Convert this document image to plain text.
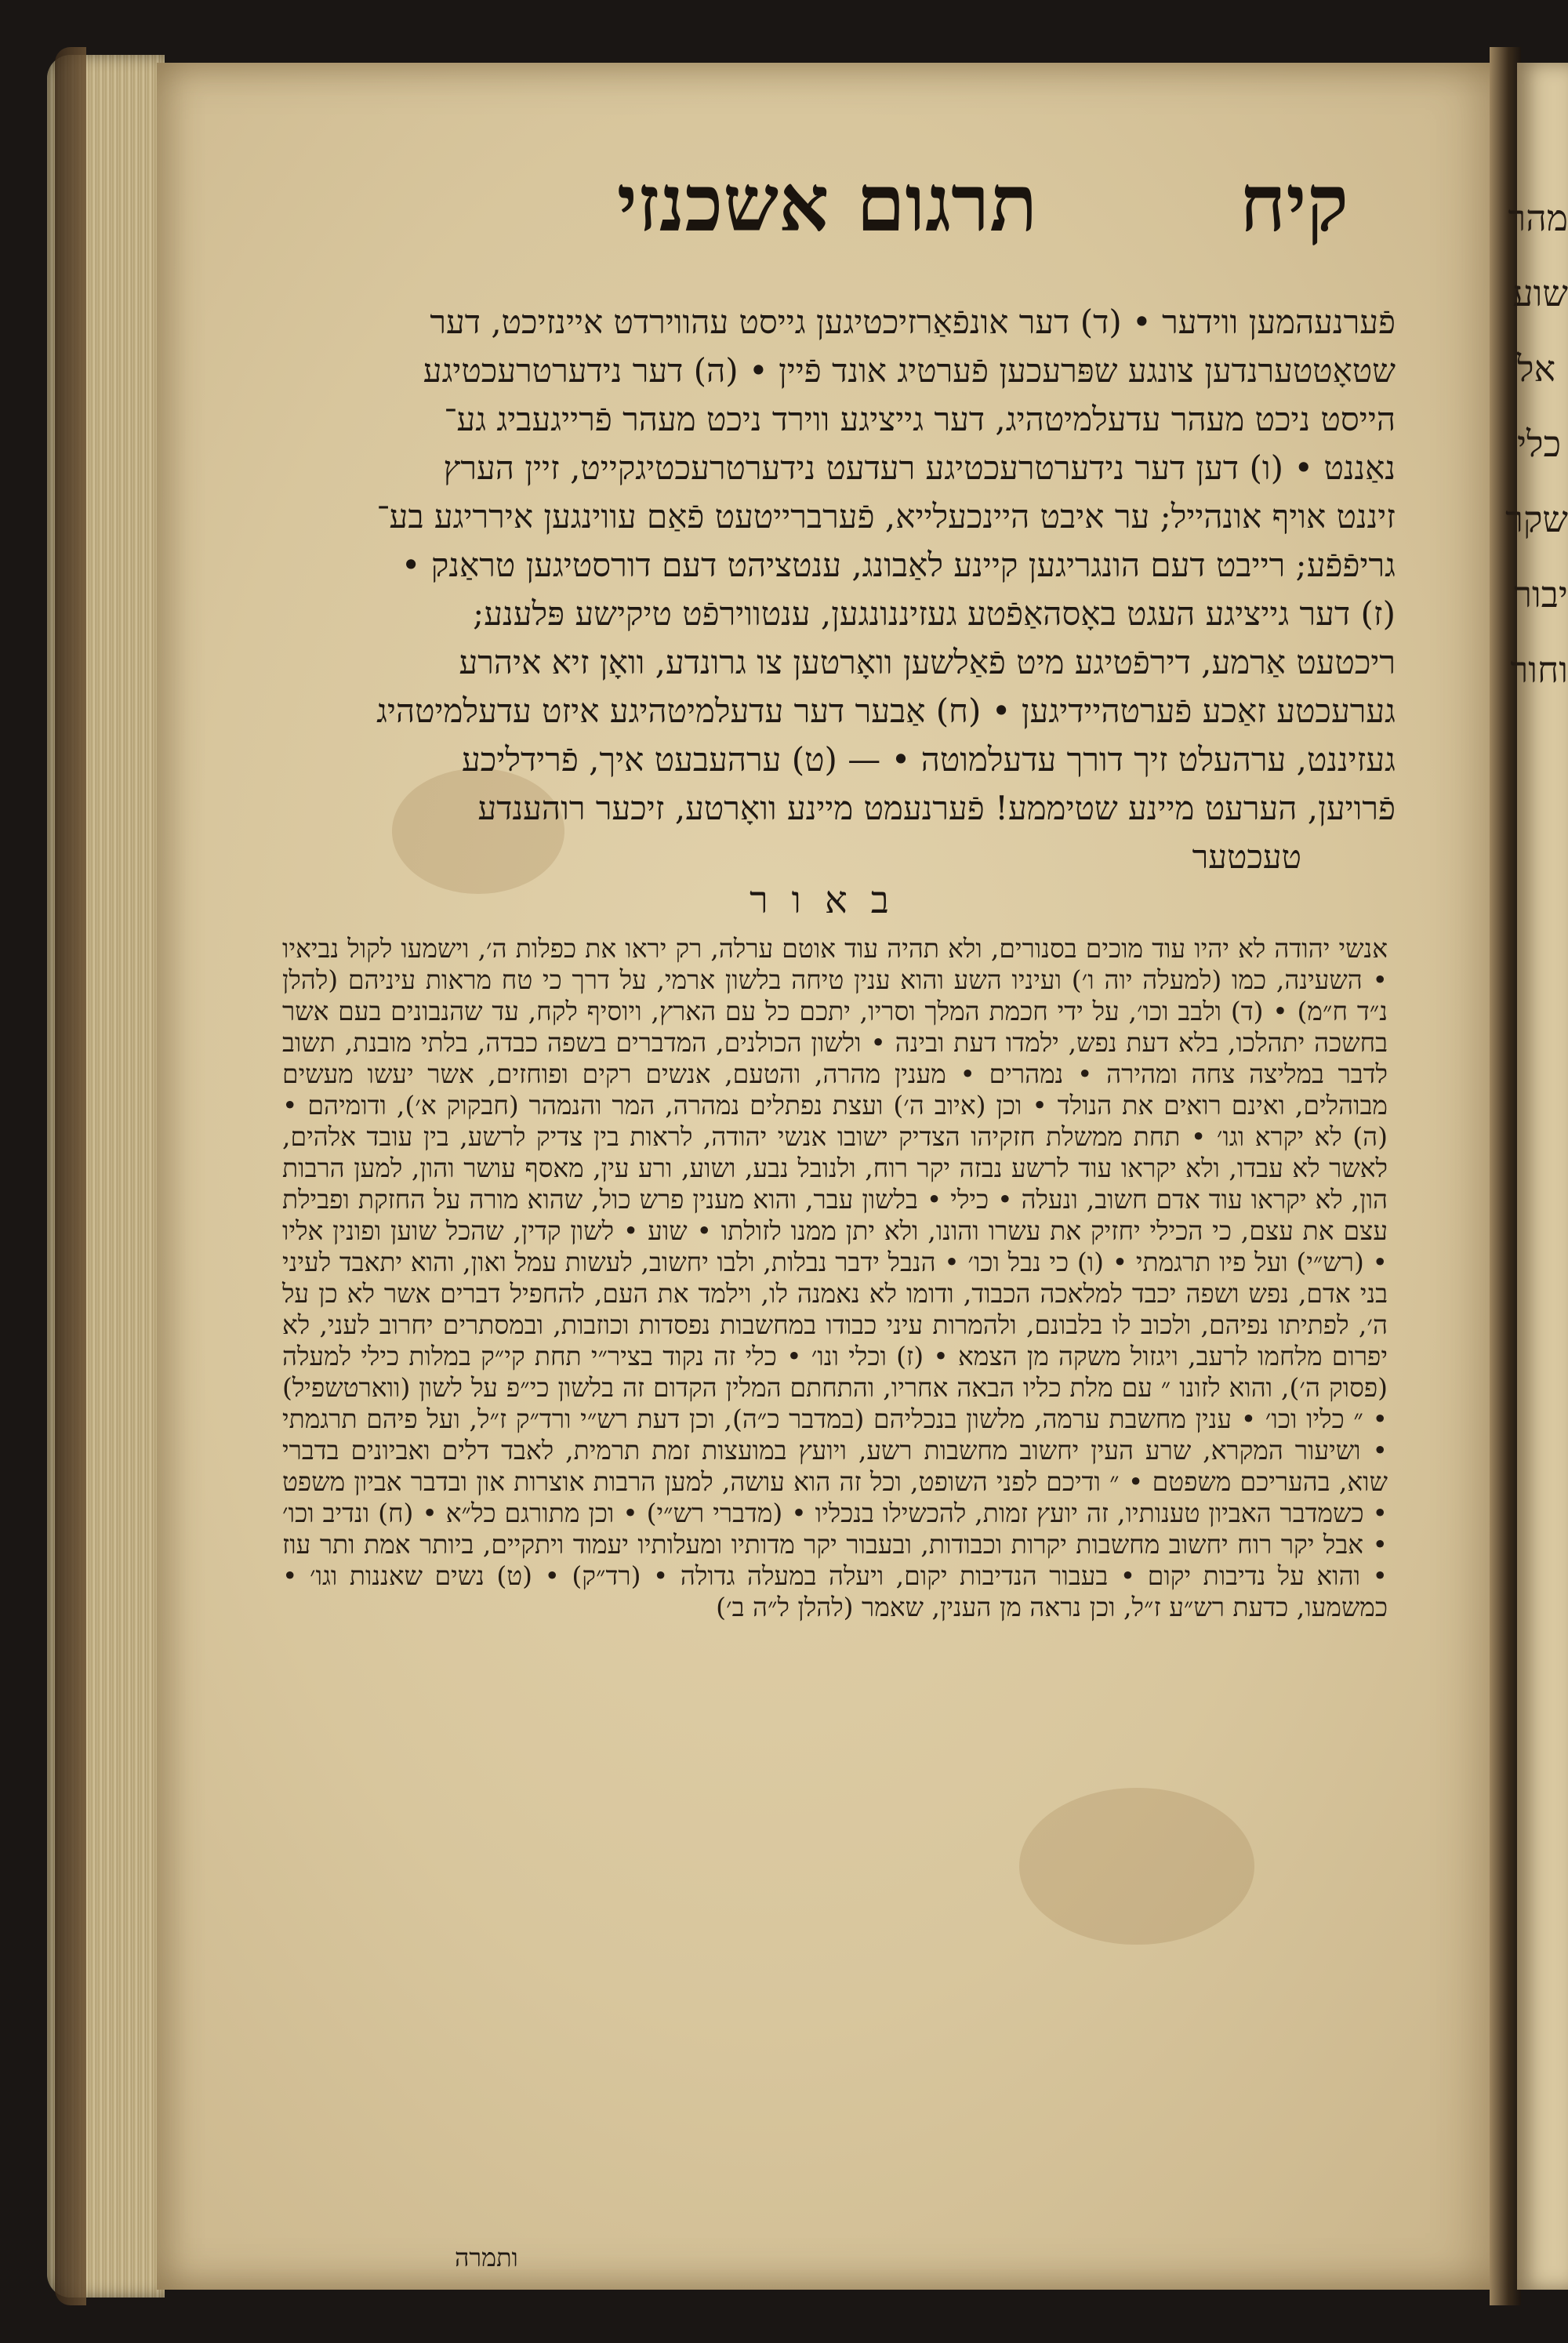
תרגום אשכנזי	קיח
פֿערנעהמען ווידער • (ד) דער אונפֿאַרזיכטיגען גייסט עהווירדט איינזיכט, דער
שטאָטטערנדען צונגע שפּרעכען פֿערטיג אונד פֿיין • (ה) דער נידערטרעכטיגע
הייסט ניכט מעהר עדעלמיטהיג, דער גייציגע ווירד ניכט מעהר פֿרייגעביג גע־
נאַננט • (ו) דען דער נידערטרעכטיגע רעדעט נידערטרעכטיגקייט, זיין הערץ
זיננט אויף אונהייל; ער איבט היינכעלייא, פֿערברייטעט פֿאַם עווינגען אירריגע בע־
גריפֿפֿע; רייבט דעם הונגריגען קיינע לאַבונג, ענטציהט דעם דורסטיגען טראַנק •
(ז) דער גייציגע העגט באָסהאַפֿטע געזיננונגען, ענטווירפֿט טיקישע פּלענע;
ריכטעט אַרמע, דירפֿטיגע מיט פֿאַלשען וואָרטען צו גרונדע, וואָן זיא איהרע
גערעכטע זאַכע פֿערטהיידיגען • (ח) אַבער דער עדעלמיטהיגע איזט עדעלמיטהיג
געזיננט, ערהעלט זיך דורך עדעלמוטה • — (ט) ערהעבעט איך, פֿרידליכע
פֿרויען, הערעט מיינע שטיממע! פֿערנעמט מיינע וואָרטע, זיכער רוהענדע
טעכטער
באור
אנשי יהודה לא יהיו עוד מוכים בסנורים, ולא תהיה עוד אוטם ערלה, רק יראו את כפלות ה׳, וישמעו לקול נביאיו • השעינה, כמו (למעלה יוה ו׳) ועיניו השע והוא ענין טיחה בלשון ארמי, על דרך כי טח מראות עיניהם (להלן נ״ד ח״מ) • (ד) ולבב וכו׳, על ידי חכמת המלך וסריו, יתכם כל עם הארץ, ויוסיף לקח, עד שהנבונים בעם אשר בחשכה יתהלכו, בלא דעת נפש, ילמדו דעת ובינה • ולשון הכולנים, המדברים בשפה כבדה, בלתי מובנת, תשוב לדבר במליצה צחה ומהירה • נמהרים • מענין מהרה, והטעם, אנשים רקים ופוחזים, אשר יעשו מעשים מבוהלים, ואינם רואים את הנולד • וכן (איוב ה׳) ועצת נפתלים נמהרה, המר והנמהר (חבקוק א׳), ודומיהם • (ה) לא יקרא וגו׳ • תחת ממשלת חזקיהו הצדיק ישובו אנשי יהודה, לראות בין צדיק לרשע, בין עובד אלהים, לאשר לא עבדו, ולא יקראו עוד לרשע נבזה יקר רוח, ולנובל נבע, ושוע, ורע עין, מאסף עושר והון, למען הרבות הון, לא יקראו עוד אדם חשוב, ונעלה • כילי • בלשון עבר, והוא מענין פרש כול, שהוא מורה על החזקת ופבילת עצם את עצם, כי הכילי יחזיק את עשרו והונו, ולא יתן ממנו לזולתו • שוע • לשון קדין, שהכל שוען ופונין אליו • (רש״י) ועל פיו תרגמתי • (ו) כי נבל וכו׳ • הנבל ידבר נבלות, ולבו יחשוב, לעשות עמל ואון, והוא יתאבד לעיני בני אדם, נפש ושפה יכבד למלאכה הכבוד, ודומו לא נאמנה לו, וילמד את העם, להחפיל דברים אשר לא כן על ה׳, לפתיתו נפיהם, ולכוב לו בלבונם, ולהמרות עיני כבודו במחשבות נפסדות וכוזבות, ובמסתרים יחרוב לעני, לא יפרום מלחמו לרעב, ויגזול משקה מן הצמא • (ז) וכלי ונו׳ • כלי זה נקוד בציר״י תחת קי״ק במלות כילי למעלה (פסוק ה׳), והוא לזונו ״ עם מלת כליו הבאה אחריו, והתחתם המלין הקדום זה בלשון כי״פ על לשון (ווארטשפיל) • ״ כליו וכו׳ • ענין מחשבת ערמה, מלשון בנכליהם (במדבר כ״ה), וכן דעת רש״י ורד״ק ז״ל, ועל פיהם תרגמתי • ושיעור המקרא, שרע העין יחשוב מחשבות רשע, ויועץ במועצות זמת תרמית, לאבד דלים ואביונים בדברי שוא, בהעריכם משפטם • ״ ודיכם לפני השופט, וכל זה הוא עושה, למען הרבות אוצרות און ובדבר אביון משפט • כשמדבר האביון טענותיו, זה יועץ זמות, להכשילו בנכליו • (מדברי רש״י) • וכן מתורגם כל״א • (ח) ונדיב וכו׳ • אבל יקר רוח יחשוב מחשבות יקרות וכבודות, ובעבור יקר מדותיו ומעלותיו יעמוד ויתקיים, ביותר אמת ותר עוז • והוא על נדיבות יקום • בעבור הנדיבות יקום, ויעלה במעלה גדולה • (רד״ק) • (ט) נשים שאננות וגו׳ • כמשמעו, כדעת רש״ע ז״ל, וכן נראה מן הענין, שאמר (להלן ל״ה ב׳)
ותמרה
מהר
שוע
אל
כלי
שקר
יבור
וחור
